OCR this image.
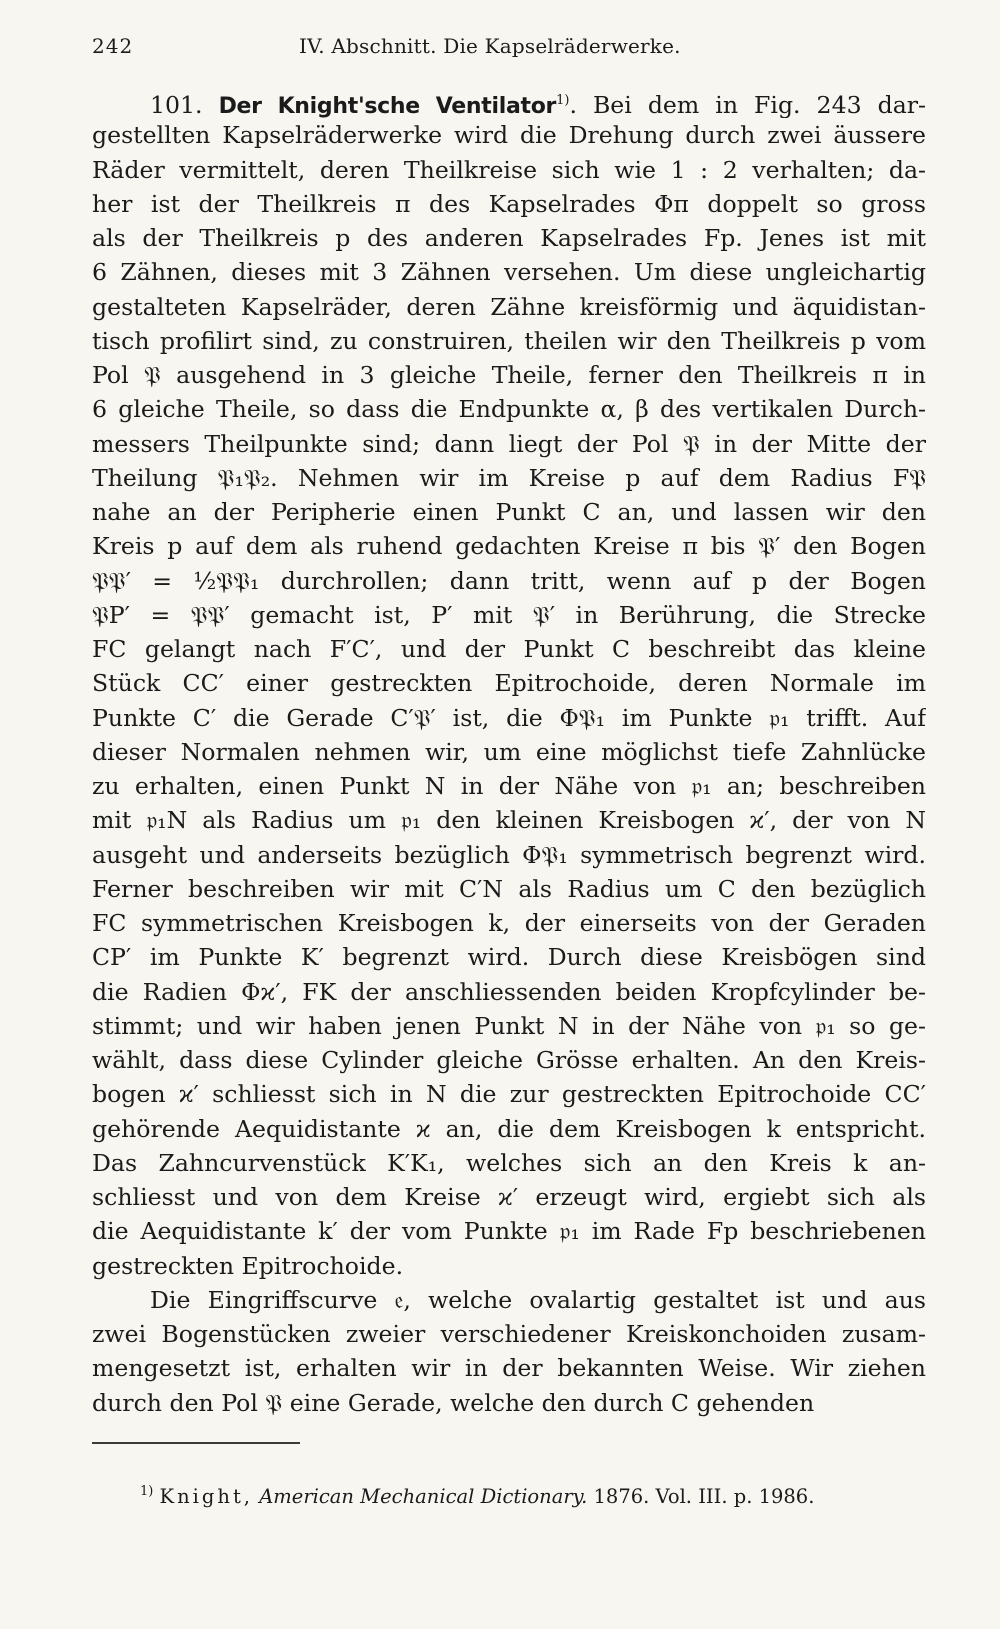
242	IV. Abschnitt. Die Kapselräderwerke.
101. Der Knight'sche Ventilator$^{1)}$. Bei dem in Fig. 243 dar-
gestellten Kapselräderwerke wird die Drehung durch zwei äussere
Räder vermittelt, deren Theilkreise sich wie 1 : 2 verhalten; da-
her ist der Theilkreis π des Kapselrades Φπ doppelt so gross
als der Theilkreis p des anderen Kapselrades Fp. Jenes ist mit
6 Zähnen, dieses mit 3 Zähnen versehen. Um diese ungleichartig
gestalteten Kapselräder, deren Zähne kreisförmig und äquidistan-
tisch profilirt sind, zu construiren, theilen wir den Theilkreis p vom
Pol 𝔓 ausgehend in 3 gleiche Theile, ferner den Theilkreis π in
6 gleiche Theile, so dass die Endpunkte α, β des vertikalen Durch-
messers Theilpunkte sind; dann liegt der Pol 𝔓 in der Mitte der
Theilung 𝔓₁𝔓₂. Nehmen wir im Kreise p auf dem Radius F𝔓
nahe an der Peripherie einen Punkt C an, und lassen wir den
Kreis p auf dem als ruhend gedachten Kreise π bis 𝔓′ den Bogen
𝔓𝔓′ = ½𝔓𝔓₁ durchrollen; dann tritt, wenn auf p der Bogen
𝔓P′ = 𝔓𝔓′ gemacht ist, P′ mit 𝔓′ in Berührung, die Strecke
FC gelangt nach F′C′, und der Punkt C beschreibt das kleine
Stück CC′ einer gestreckten Epitrochoide, deren Normale im
Punkte C′ die Gerade C′𝔓′ ist, die Φ𝔓₁ im Punkte 𝔭₁ trifft. Auf
dieser Normalen nehmen wir, um eine möglichst tiefe Zahnlücke
zu erhalten, einen Punkt N in der Nähe von 𝔭₁ an; beschreiben
mit 𝔭₁N als Radius um 𝔭₁ den kleinen Kreisbogen ϰ′, der von N
ausgeht und anderseits bezüglich Φ𝔓₁ symmetrisch begrenzt wird.
Ferner beschreiben wir mit C′N als Radius um C den bezüglich
FC symmetrischen Kreisbogen k, der einerseits von der Geraden
CP′ im Punkte K′ begrenzt wird. Durch diese Kreisbögen sind
die Radien Φϰ′, FK der anschliessenden beiden Kropfcylinder be-
stimmt; und wir haben jenen Punkt N in der Nähe von 𝔭₁ so ge-
wählt, dass diese Cylinder gleiche Grösse erhalten. An den Kreis-
bogen ϰ′ schliesst sich in N die zur gestreckten Epitrochoide CC′
gehörende Aequidistante ϰ an, die dem Kreisbogen k entspricht.
Das Zahncurvenstück K′K₁, welches sich an den Kreis k an-
schliesst und von dem Kreise ϰ′ erzeugt wird, ergiebt sich als
die Aequidistante k′ der vom Punkte 𝔭₁ im Rade Fp beschriebenen
gestreckten Epitrochoide.
Die Eingriffscurve 𝔢, welche ovalartig gestaltet ist und aus
zwei Bogenstücken zweier verschiedener Kreiskonchoiden zusam-
mengesetzt ist, erhalten wir in der bekannten Weise. Wir ziehen
durch den Pol 𝔓 eine Gerade, welche den durch C gehenden
$^{1)}$ Knight, American Mechanical Dictionary. 1876. Vol. III. p. 1986.
